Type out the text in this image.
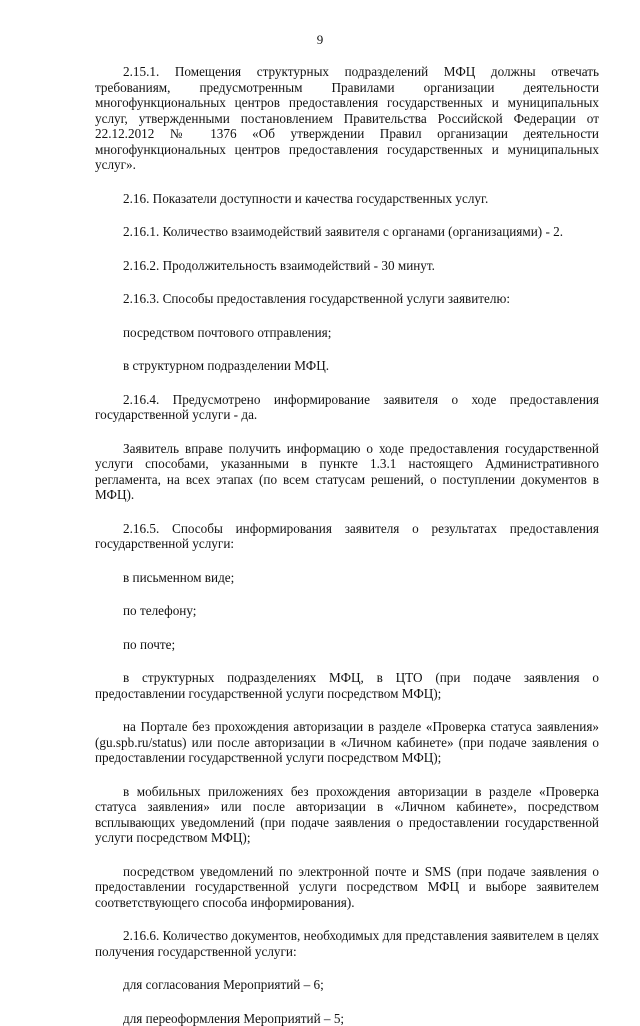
9

2.15.1. Помещения структурных подразделений МФЦ должны отвечать требованиям, предусмотренным Правилами организации деятельности многофункциональных центров предоставления государственных и муниципальных услуг, утвержденными постановлением Правительства Российской Федерации от 22.12.2012 № 1376 «Об утверждении Правил организации деятельности многофункциональных центров предоставления государственных и муниципальных услуг».

2.16. Показатели доступности и качества государственных услуг.

2.16.1. Количество взаимодействий заявителя с органами (организациями) - 2.

2.16.2. Продолжительность взаимодействий - 30 минут.

2.16.3. Способы предоставления государственной услуги заявителю:

посредством почтового отправления;

в структурном подразделении МФЦ.

2.16.4. Предусмотрено информирование заявителя о ходе предоставления государственной услуги - да.

Заявитель вправе получить информацию о ходе предоставления государственной услуги способами, указанными в пункте 1.3.1 настоящего Административного регламента, на всех этапах (по всем статусам решений, о поступлении документов в МФЦ).

2.16.5. Способы информирования заявителя о результатах предоставления государственной услуги:

в письменном виде;

по телефону;

по почте;

в структурных подразделениях МФЦ, в ЦТО (при подаче заявления о предоставлении государственной услуги посредством МФЦ);

на Портале без прохождения авторизации в разделе «Проверка статуса заявления» (gu.spb.ru/status) или после авторизации в «Личном кабинете» (при подаче заявления о предоставлении государственной услуги посредством МФЦ);

в мобильных приложениях без прохождения авторизации в разделе «Проверка статуса заявления» или после авторизации в «Личном кабинете», посредством всплывающих уведомлений (при подаче заявления о предоставлении государственной услуги посредством МФЦ);

посредством уведомлений по электронной почте и SMS (при подаче заявления о предоставлении государственной услуги посредством МФЦ и выборе заявителем соответствующего способа информирования).

2.16.6. Количество документов, необходимых для представления заявителем в целях получения государственной услуги:

для согласования Мероприятий – 6;

для переоформления Мероприятий – 5;
